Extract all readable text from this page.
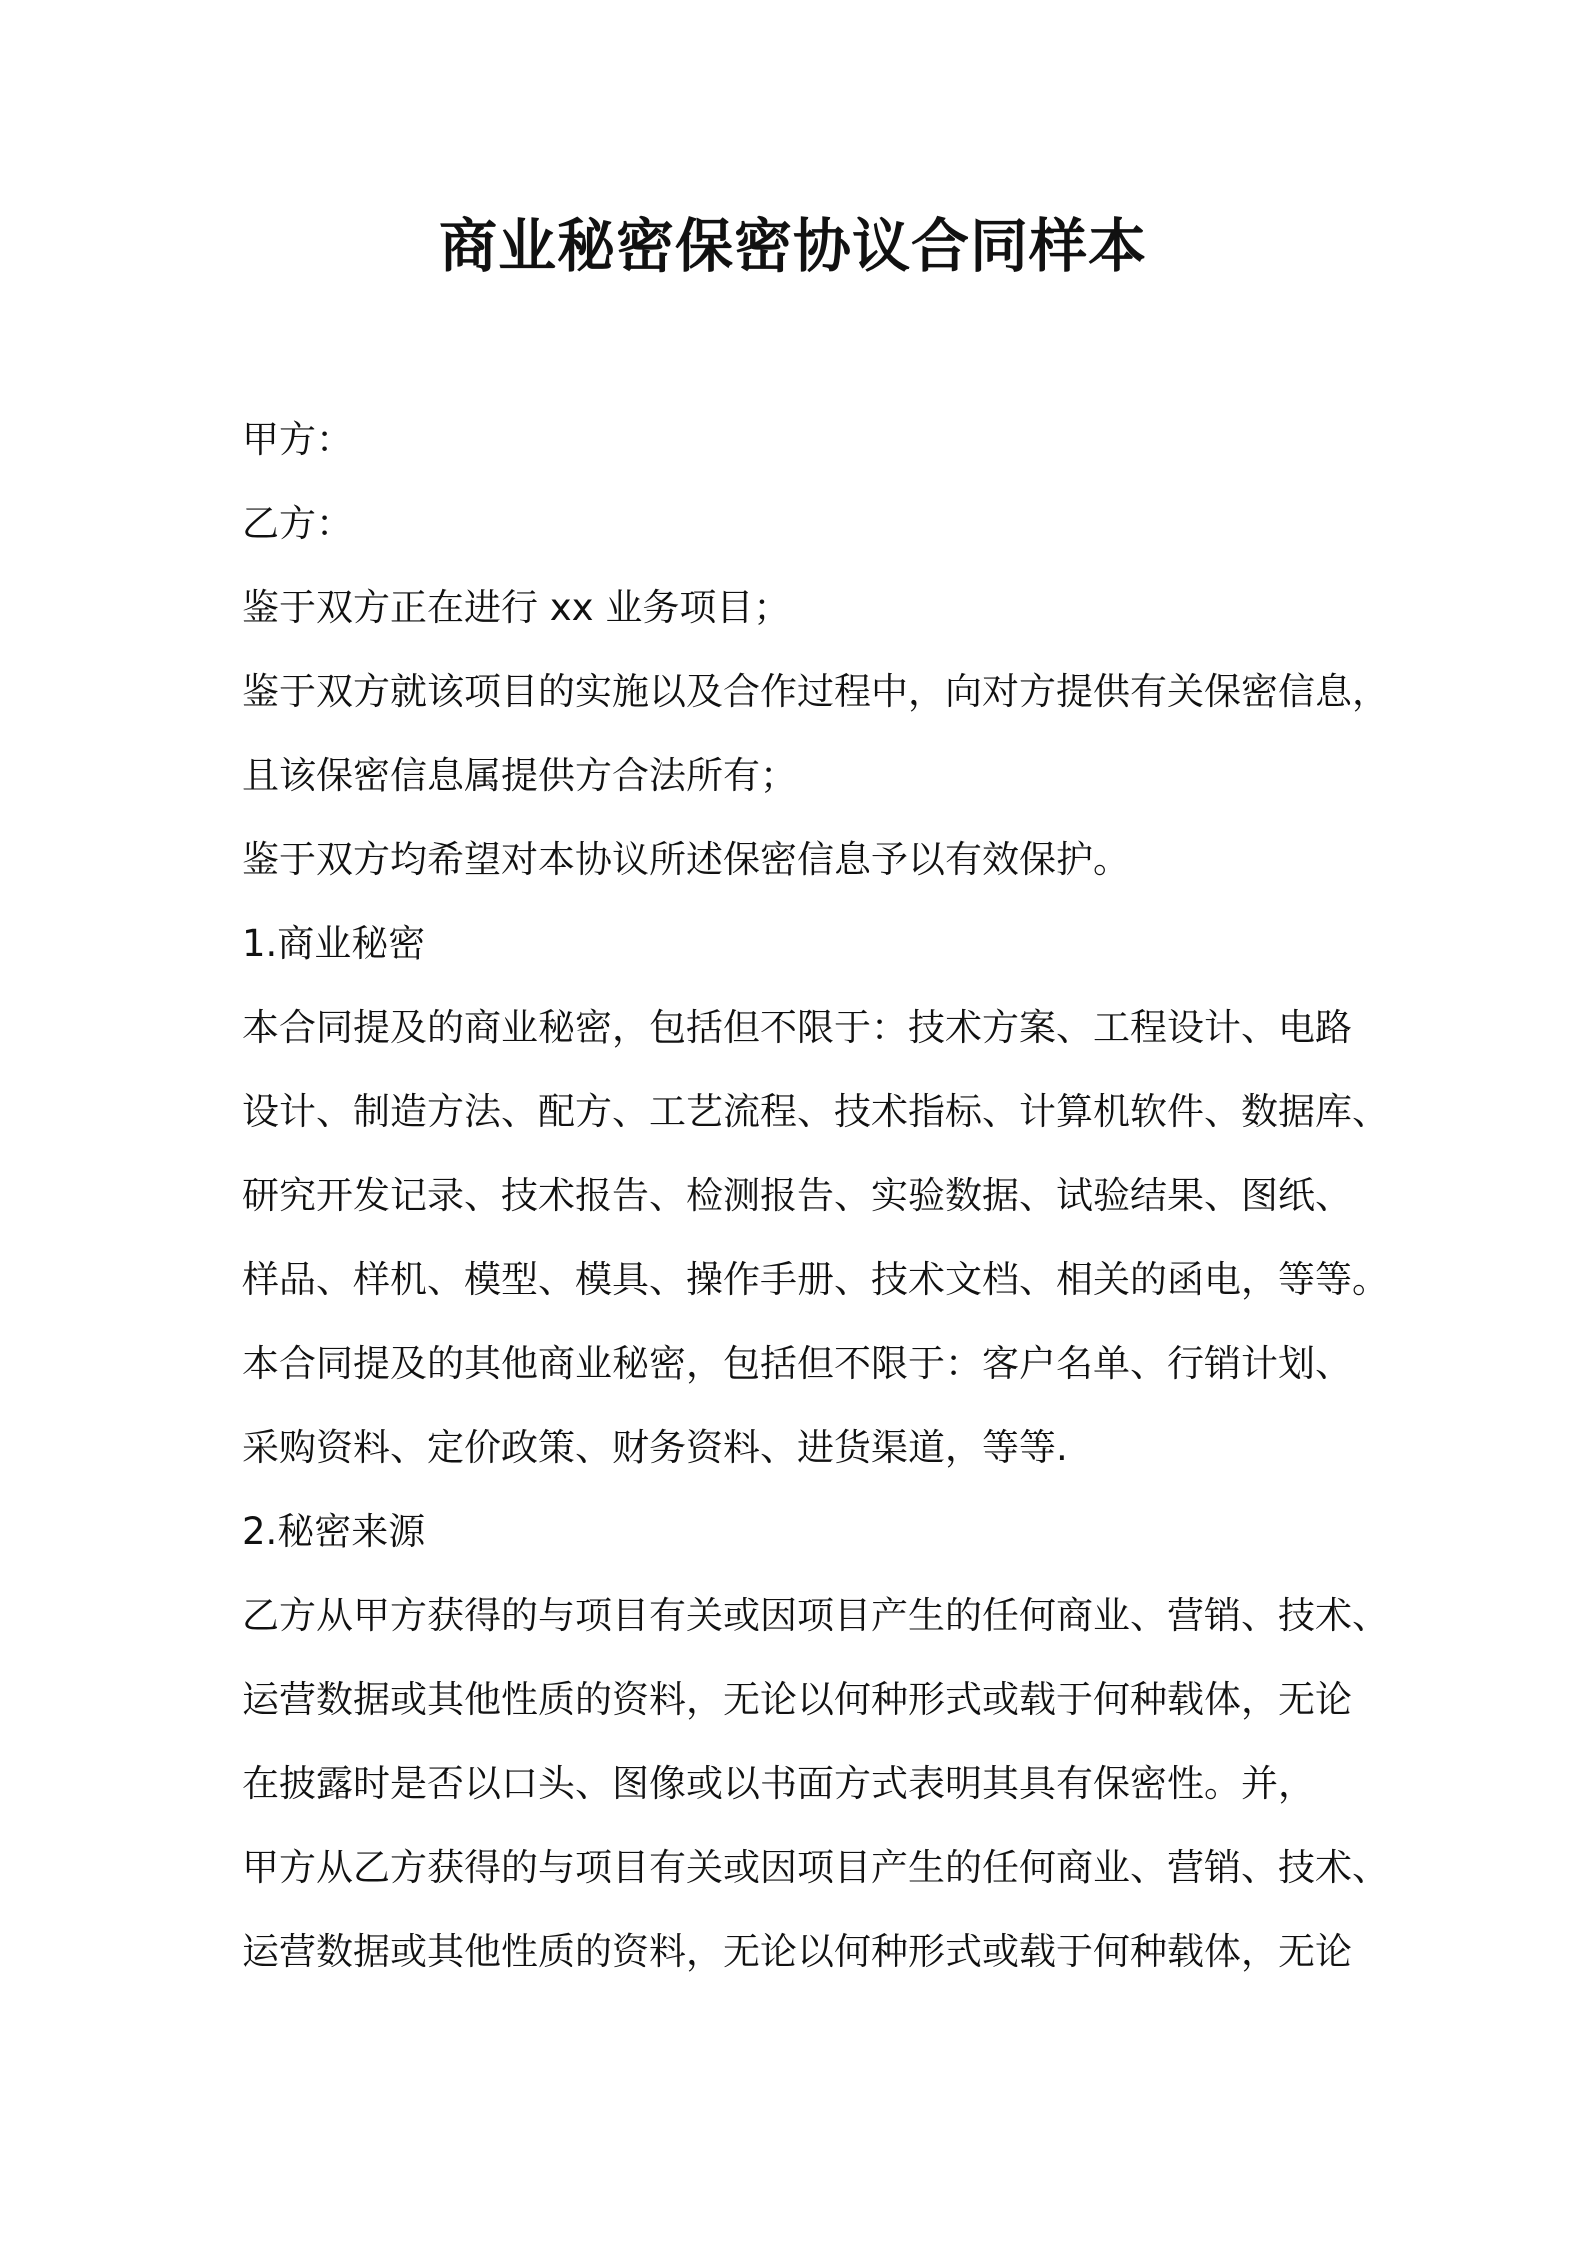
商业秘密保密协议合同样本

甲方：

乙方：

鉴于双方正在进行 xx 业务项目；

鉴于双方就该项目的实施以及合作过程中，向对方提供有关保密信息，

且该保密信息属提供方合法所有；

鉴于双方均希望对本协议所述保密信息予以有效保护。

1.商业秘密

本合同提及的商业秘密，包括但不限于：技术方案、工程设计、电路

设计、制造方法、配方、工艺流程、技术指标、计算机软件、数据库、

研究开发记录、技术报告、检测报告、实验数据、试验结果、图纸、

样品、样机、模型、模具、操作手册、技术文档、相关的函电，等等。

本合同提及的其他商业秘密，包括但不限于：客户名单、行销计划、

采购资料、定价政策、财务资料、进货渠道，等等.

2.秘密来源

乙方从甲方获得的与项目有关或因项目产生的任何商业、营销、技术、

运营数据或其他性质的资料，无论以何种形式或载于何种载体，无论

在披露时是否以口头、图像或以书面方式表明其具有保密性。并，

甲方从乙方获得的与项目有关或因项目产生的任何商业、营销、技术、

运营数据或其他性质的资料，无论以何种形式或载于何种载体，无论
